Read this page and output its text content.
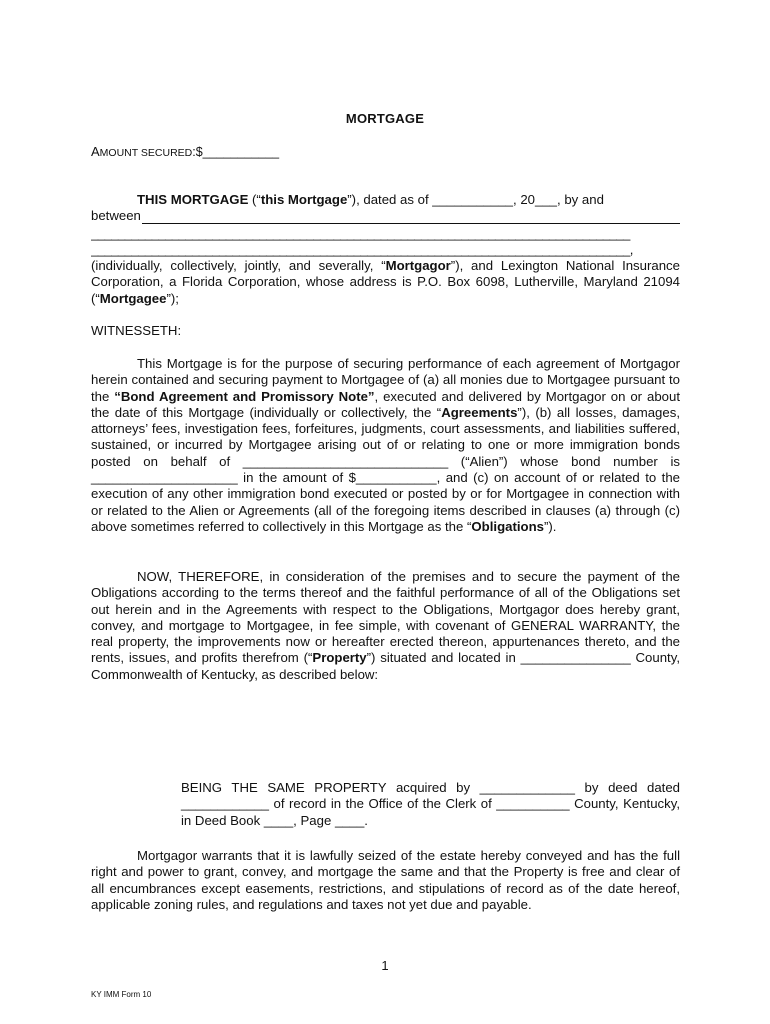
MORTGAGE
AMOUNT SECURED:$___________
THIS MORTGAGE (“this Mortgage”), dated as of ___________, 20___, by and
between
________________________________________________________________________________
________________________________________________________________________________,
(individually, collectively, jointly, and severally, “Mortgagor”), and Lexington National Insurance Corporation, a Florida Corporation, whose address is P.O. Box 6098, Lutherville, Maryland 21094 (“Mortgagee”);
WITNESSETH:
This Mortgage is for the purpose of securing performance of each agreement of Mortgagor herein contained and securing payment to Mortgagee of (a) all monies due to Mortgagee pursuant to the “Bond Agreement and Promissory Note”, executed and delivered by Mortgagor on or about the date of this Mortgage (individually or collectively, the “Agreements”), (b) all losses, damages, attorneys’ fees, investigation fees, forfeitures, judgments, court assessments, and liabilities suffered, sustained, or incurred by Mortgagee arising out of or relating to one or more immigration bonds posted on behalf of ____________________________ (“Alien”) whose bond number is ____________________ in the amount of $___________, and (c) on account of or related to the execution of any other immigration bond executed or posted by or for Mortgagee in connection with or related to the Alien or Agreements (all of the foregoing items described in clauses (a) through (c) above sometimes referred to collectively in this Mortgage as the “Obligations”).
NOW, THEREFORE, in consideration of the premises and to secure the payment of the Obligations according to the terms thereof and the faithful performance of all of the Obligations set out herein and in the Agreements with respect to the Obligations, Mortgagor does hereby grant, convey, and mortgage to Mortgagee, in fee simple, with covenant of GENERAL WARRANTY, the real property, the improvements now or hereafter erected thereon, appurtenances thereto, and the rents, issues, and profits therefrom (“Property”) situated and located in _______________ County, Commonwealth of Kentucky, as described below:
BEING THE SAME PROPERTY acquired by _____________ by deed dated ____________ of record in the Office of the Clerk of __________ County, Kentucky, in Deed Book ____, Page ____.
Mortgagor warrants that it is lawfully seized of the estate hereby conveyed and has the full right and power to grant, convey, and mortgage the same and that the Property is free and clear of all encumbrances except easements, restrictions, and stipulations of record as of the date hereof, applicable zoning rules, and regulations and taxes not yet due and payable.
1
KY IMM Form 10
